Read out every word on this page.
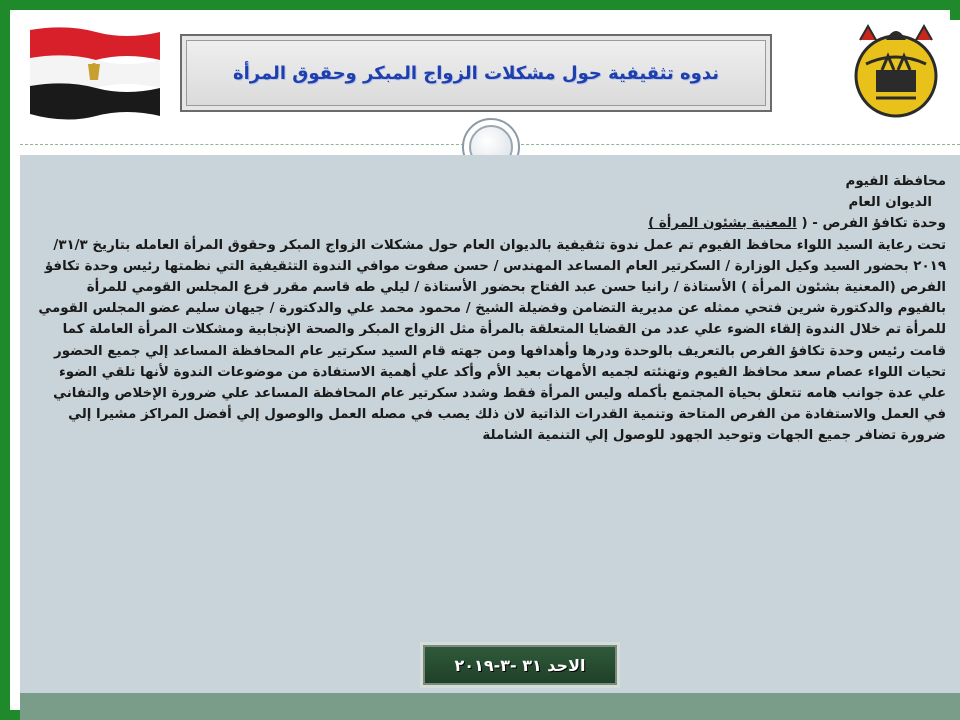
ندوه تثقيفية حول مشكلات الزواج المبكر وحقوق المرأة

محافظة الفيوم

الديوان العام

وحدة تكافؤ الفرص - ( المعنية بشئون المرأة )

تحت رعاية السيد اللواء محافظ الفيوم تم عمل ندوة تثقيفية بالديوان العام حول مشكلات الزواج المبكر وحقوق المرأة العامله بتاريخ ٣١/٣/ ٢٠١٩ بحضور السيد وكيل الوزارة / السكرتير العام المساعد المهندس / حسن صفوت موافي الندوة التثقيفية التي نظمتها رئيس وحدة تكافؤ الفرص (المعنية بشئون المرأة ) الأستاذة / رانيا حسن عبد الفتاح بحضور الأستاذة / ليلي طه قاسم مقرر فرع المجلس القومي للمرأة بالفيوم والدكتورة شرين فتحي ممثله عن مديرية التضامن وفضيلة الشيخ / محمود محمد علي والدكتورة / جيهان سليم عضو المجلس القومي للمرأة تم خلال الندوة إلقاء الضوء علي عدد من القضايا المتعلقة بالمرأة مثل الزواج المبكر والصحة الإنجابية ومشكلات المرأة العاملة كما قامت رئيس وحدة تكافؤ الفرص بالتعريف بالوحدة ودرها وأهدافها ومن جهته قام السيد سكرتير عام المحافظة المساعد إلي جميع الحضور تحيات اللواء عصام سعد محافظ الفيوم وتهنئته لجميه الأمهات بعيد الأم وأكد علي أهمية الاستفادة من موضوعات الندوة لأنها تلقي الضوء علي عدة جوانب هامه تتعلق بحياة المجتمع بأكمله وليس المرأة فقط وشدد سكرتير عام المحافظة المساعد علي ضرورة الإخلاص والتفاني في العمل والاستفادة من الفرص المتاحة وتنمية القدرات الذاتية لان ذلك يصب في مصله العمل والوصول إلي أفضل المراكز مشيرا إلي ضرورة تضافر جميع الجهات وتوحيد الجهود للوصول إلي التنمية الشاملة

الاحد ٣١ -٣-٢٠١٩
